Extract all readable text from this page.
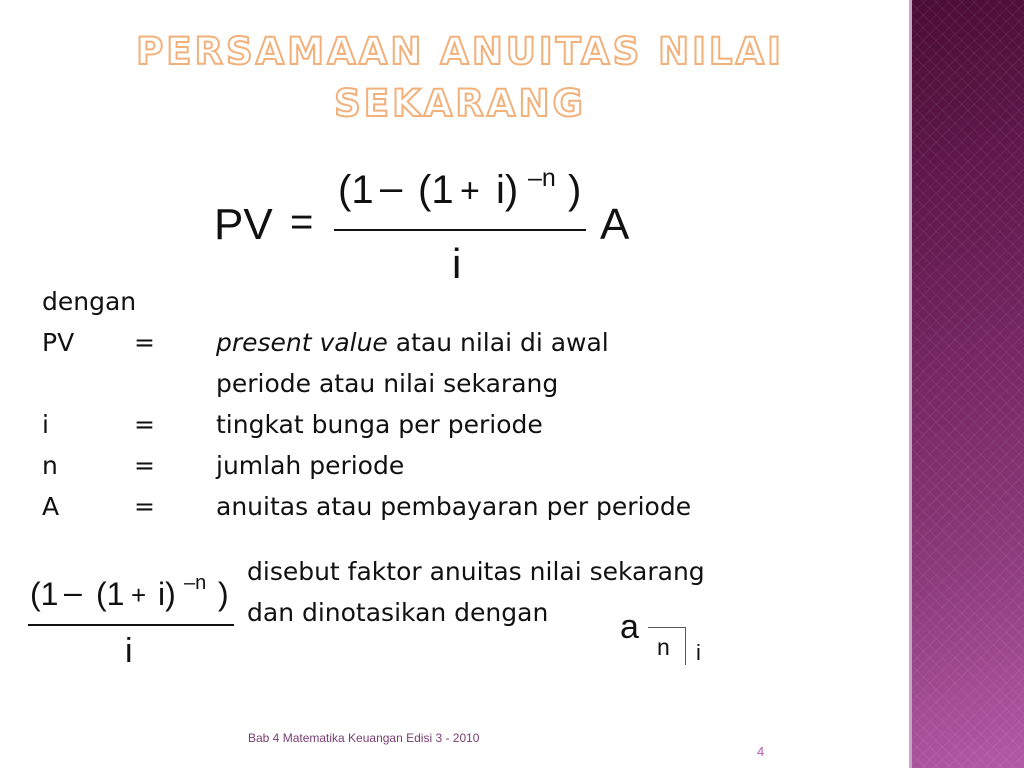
PERSAMAAN ANUITAS NILAI
SEKARANG
PV =
(1 – (1 + i) –n )
i
A
dengan
PV = present value atau nilai di awal
periode atau nilai sekarang
i	= tingkat bunga per periode
n	= jumlah periode
A	= anuitas atau pembayaran per periode
(1 – (1 + i) –n )
i
disebut faktor anuitas nilai sekarang
dan dinotasikan dengan a
n i
Bab 4 Matematika Keuangan Edisi 3 - 2010
4
